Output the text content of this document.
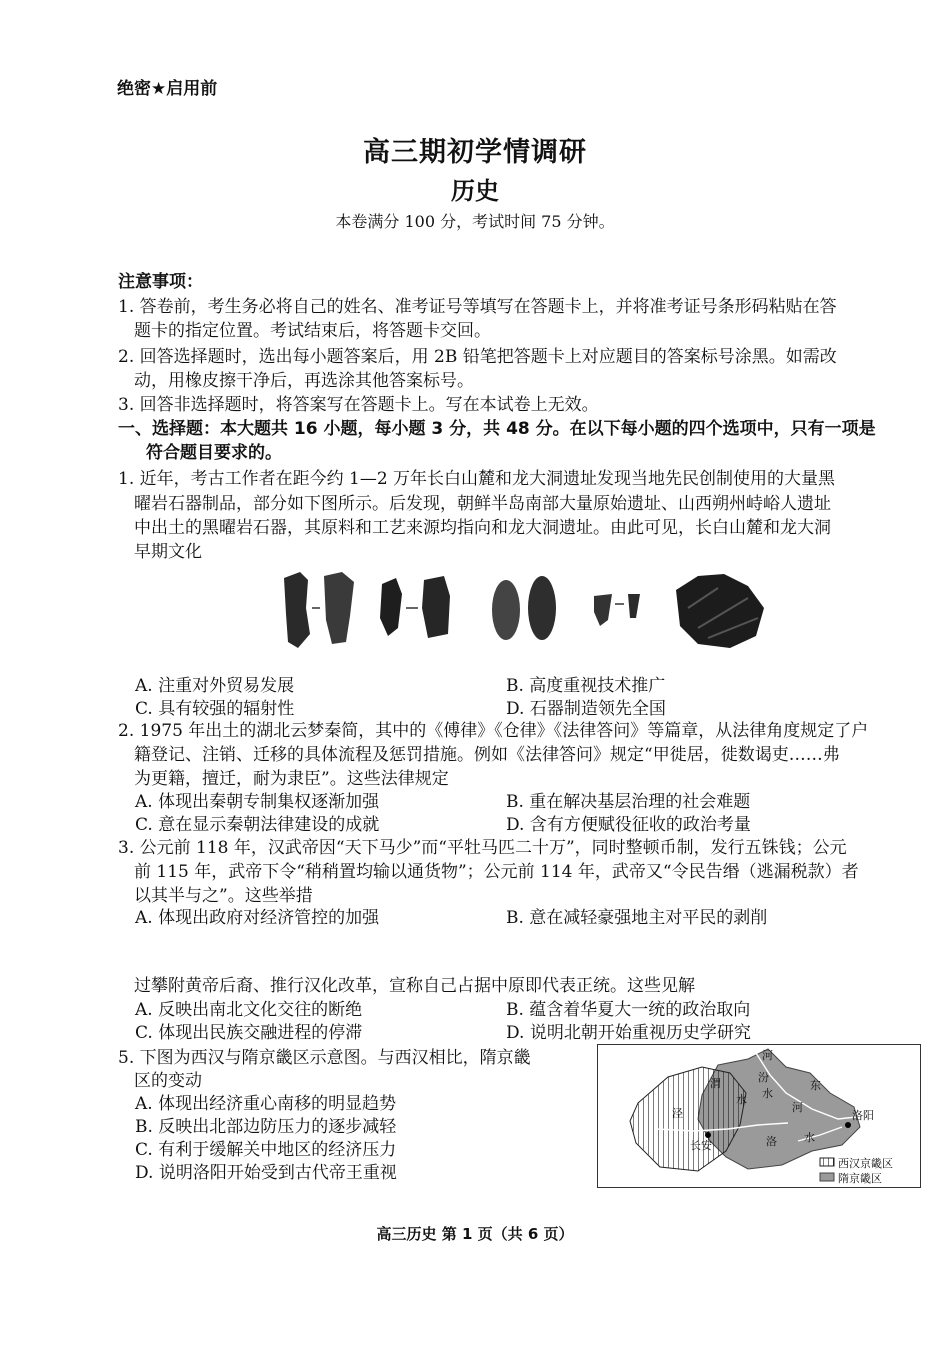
绝密★启用前
高三期初学情调研
历史
本卷满分 100 分，考试时间 75 分钟。
注意事项：
1. 答卷前，考生务必将自己的姓名、准考证号等填写在答题卡上，并将准考证号条形码粘贴在答
题卡的指定位置。考试结束后，将答题卡交回。
2. 回答选择题时，选出每小题答案后，用 2B 铅笔把答题卡上对应题目的答案标号涂黑。如需改
动，用橡皮擦干净后，再选涂其他答案标号。
3. 回答非选择题时，将答案写在答题卡上。写在本试卷上无效。
一、选择题：本大题共 16 小题，每小题 3 分，共 48 分。在以下每小题的四个选项中，只有一项是
符合题目要求的。
1. 近年，考古工作者在距今约 1—2 万年长白山麓和龙大洞遗址发现当地先民创制使用的大量黑
曜岩石器制品，部分如下图所示。后发现，朝鲜半岛南部大量原始遗址、山西朔州峙峪人遗址
中出土的黑曜岩石器，其原料和工艺来源均指向和龙大洞遗址。由此可见，长白山麓和龙大洞
早期文化
A. 注重对外贸易发展	B. 高度重视技术推广
C. 具有较强的辐射性	D. 石器制造领先全国
2. 1975 年出土的湖北云梦秦简，其中的《傅律》《仓律》《法律答问》等篇章，从法律角度规定了户
籍登记、注销、迁移的具体流程及惩罚措施。例如《法律答问》规定“甲徙居，徙数谒吏……弗
为更籍，擅迁，耐为隶臣”。这些法律规定
A. 体现出秦朝专制集权逐渐加强	B. 重在解决基层治理的社会难题
C. 意在显示秦朝法律建设的成就	D. 含有方便赋役征收的政治考量
3. 公元前 118 年，汉武帝因“天下马少”而“平牡马匹二十万”，同时整顿币制，发行五铢钱；公元
前 115 年，武帝下令“稍稍置均输以通货物”；公元前 114 年，武帝又“令民告缗（逃漏税款）者
以其半与之”。这些举措
A. 体现出政府对经济管控的加强	B. 意在减轻豪强地主对平民的剥削
过攀附黄帝后裔、推行汉化改革，宣称自己占据中原即代表正统。这些见解
A. 反映出南北文化交往的断绝	B. 蕴含着华夏大一统的政治取向
C. 体现出民族交融进程的停滞	D. 说明北朝开始重视历史学研究
5. 下图为西汉与隋京畿区示意图。与西汉相比，隋京畿
区的变动
A. 体现出经济重心南移的明显趋势
B. 反映出北部边防压力的逐步减轻
C. 有利于缓解关中地区的经济压力
D. 说明洛阳开始受到古代帝王重视
河
渭
泾
水
汾
水
河
东
洛 水
长安
洛阳
西汉京畿区
隋京畿区
高三历史 第 1 页（共 6 页）
